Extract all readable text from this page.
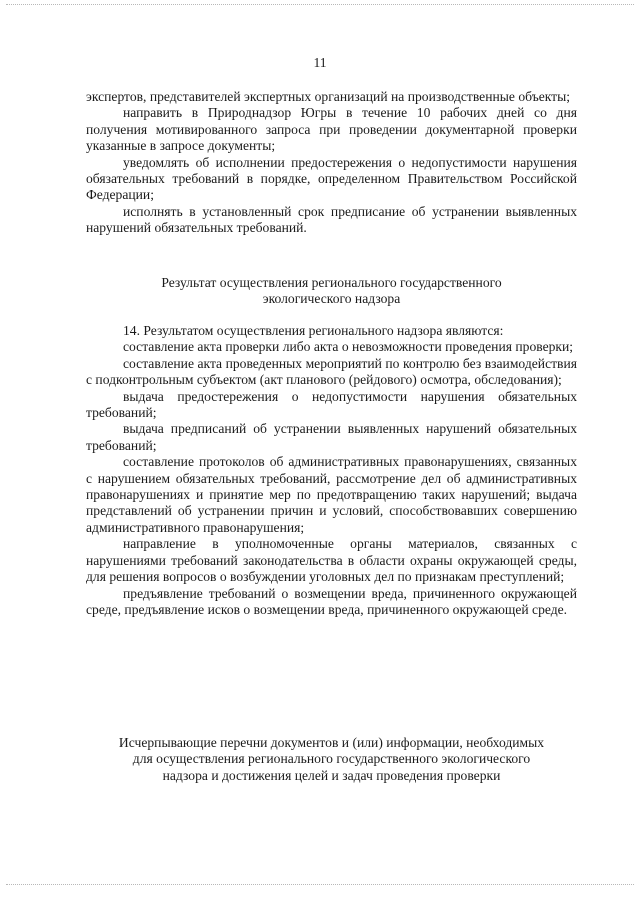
11

экспертов, представителей экспертных организаций на производственные объекты;

направить в Природнадзор Югры в течение 10 рабочих дней со дня получения мотивированного запроса при проведении документарной проверки указанные в запросе документы;

уведомлять об исполнении предостережения о недопустимости нарушения обязательных требований в порядке, определенном Правительством Российской Федерации;

исполнять в установленный срок предписание об устранении выявленных нарушений обязательных требований.

Результат осуществления регионального государственного

экологического надзора

14. Результатом осуществления регионального надзора являются:

составление акта проверки либо акта о невозможности проведения проверки;

составление акта проведенных мероприятий по контролю без взаимодействия с подконтрольным субъектом (акт планового (рейдового) осмотра, обследования);

выдача предостережения о недопустимости нарушения обязательных требований;

выдача предписаний об устранении выявленных нарушений обязательных требований;

составление протоколов об административных правонарушениях, связанных с нарушением обязательных требований, рассмотрение дел об административных правонарушениях и принятие мер по предотвращению таких нарушений; выдача представлений об устранении причин и условий, способствовавших совершению административного правонарушения;

направление в уполномоченные органы материалов, связанных с нарушениями требований законодательства в области охраны окружающей среды, для решения вопросов о возбуждении уголовных дел по признакам преступлений;

предъявление требований о возмещении вреда, причиненного окружающей среде, предъявление исков о возмещении вреда, причиненного окружающей среде.

Исчерпывающие перечни документов и (или) информации, необходимых

для осуществления регионального государственного экологического

надзора и достижения целей и задач проведения проверки
